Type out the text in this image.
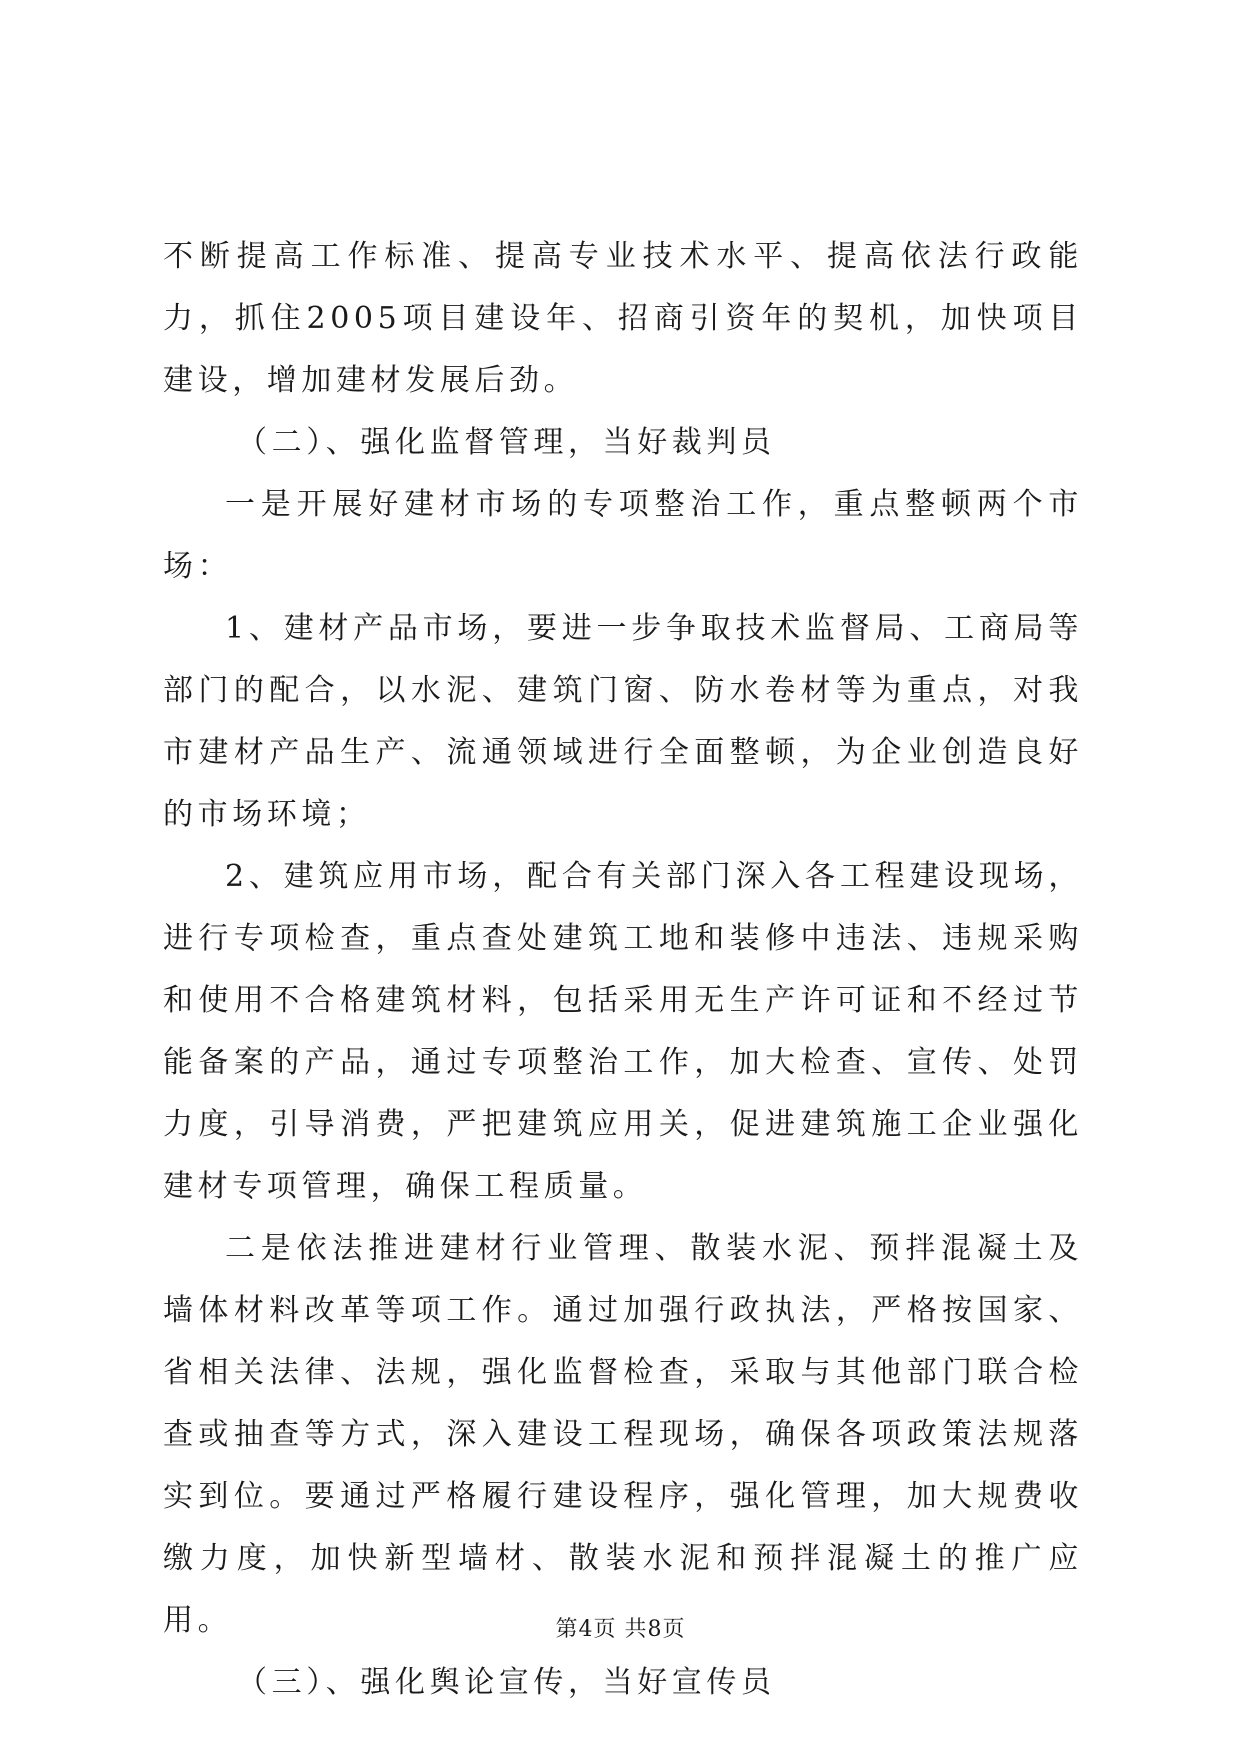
不断提高工作标准、提高专业技术水平、提高依法行政能力，抓住2005项目建设年、招商引资年的契机，加快项目建设，增加建材发展后劲。

（二）、强化监督管理，当好裁判员

一是开展好建材市场的专项整治工作，重点整顿两个市场：

1、建材产品市场，要进一步争取技术监督局、工商局等部门的配合，以水泥、建筑门窗、防水卷材等为重点，对我市建材产品生产、流通领域进行全面整顿，为企业创造良好的市场环境；

2、建筑应用市场，配合有关部门深入各工程建设现场，进行专项检查，重点查处建筑工地和装修中违法、违规采购和使用不合格建筑材料，包括采用无生产许可证和不经过节能备案的产品，通过专项整治工作，加大检查、宣传、处罚力度，引导消费，严把建筑应用关，促进建筑施工企业强化建材专项管理，确保工程质量。

二是依法推进建材行业管理、散装水泥、预拌混凝土及墙体材料改革等项工作。通过加强行政执法，严格按国家、省相关法律、法规，强化监督检查，采取与其他部门联合检查或抽查等方式，深入建设工程现场，确保各项政策法规落实到位。要通过严格履行建设程序，强化管理，加大规费收缴力度，加快新型墙材、散装水泥和预拌混凝土的推广应用。

（三）、强化舆论宣传，当好宣传员

第4页 共8页
